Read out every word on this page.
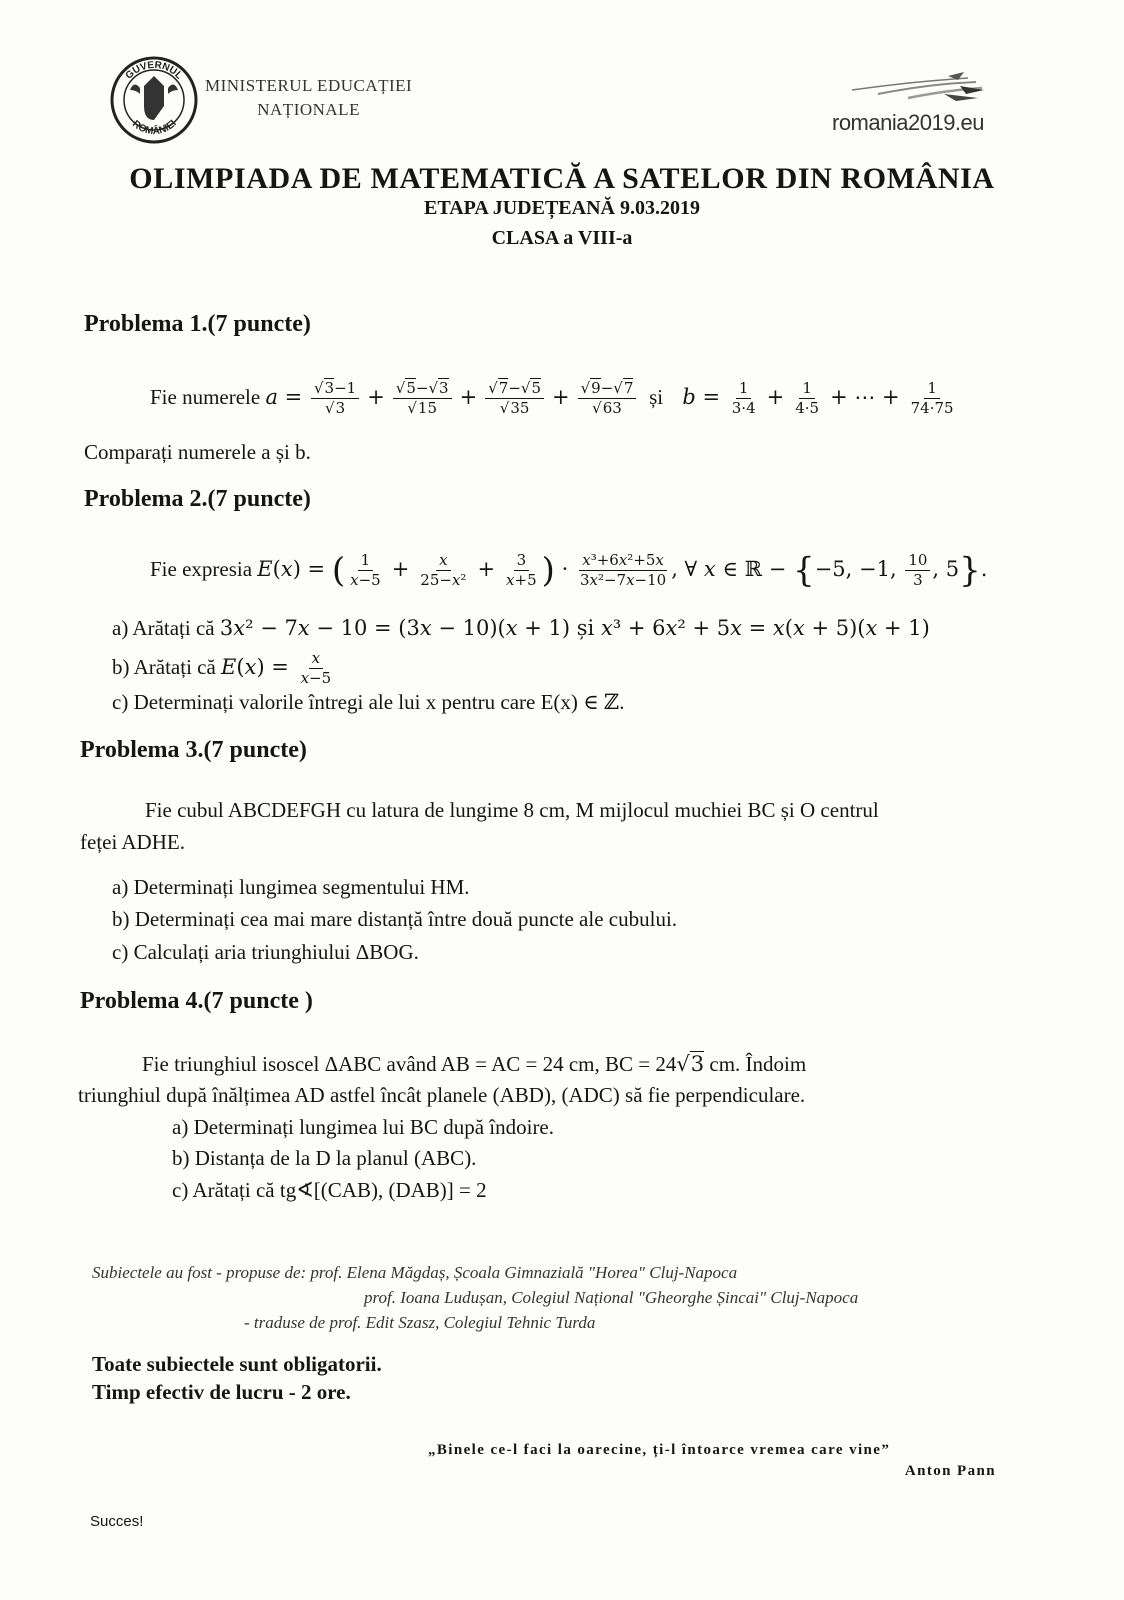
GUVERNUL
ROMÂNIEI
MINISTERUL EDUCAȚIEI
NAȚIONALE
romania2019.eu
OLIMPIADA DE MATEMATICĂ A SATELOR DIN ROMÂNIA
ETAPA JUDEȚEANĂ 9.03.2019
CLASA a VIII-a
Problema 1.(7 puncte)
Fie numerele $a = \frac{√3-1}{√3} + \frac{√5-√3}{√15} + \frac{√7-√5}{√35} + \frac{√9-√7}{√63}$ și $b = \frac{1}{3\cdot 4} + \frac{1}{4\cdot 5}$ + ⋯ + $\frac{1}{74\cdot 75}$
Comparați numerele a și b.
Problema 2.(7 puncte)
Fie expresia E(x) = ( $\frac{1}{x-5} + \frac{x}{\text{25−x²}} + \frac{3}{x+5}$ ) · $\frac{\text{x³+6x²+5x}}{\text{3x²−7x−10}}$ , ∀ x ∈ ℝ − {−5, −1, $\frac{10}{3}$ , 5}.
a) Arătați că 3x² − 7x − 10 = (3x − 10)(x + 1) și x³ + 6x² + 5x = x(x + 5)(x + 1)
b) Arătați că $E(x) = \frac{x}{x-5}$
c) Determinați valorile întregi ale lui x pentru care E(x) ∈ ℤ.
Problema 3.(7 puncte)
Fie cubul ABCDEFGH cu latura de lungime 8 cm, M mijlocul muchiei BC și O centrul
feței ADHE.
a) Determinați lungimea segmentului HM.
b) Determinați cea mai mare distanță între două puncte ale cubului.
c) Calculați aria triunghiului ΔBOG.
Problema 4.(7 puncte )
Fie triunghiul isoscel ΔABC având AB = AC = 24 cm, BC = 24√3 cm. Îndoim
triunghiul după înălțimea AD astfel încât planele (ABD), (ADC) să fie perpendiculare.
a) Determinați lungimea lui BC după îndoire.
b) Distanța de la D la planul (ABC).
c) Arătați că tg∢[(CAB), (DAB)] = 2
Subiectele au fost - propuse de: prof. Elena Măgdaș, Școala Gimnazială "Horea" Cluj-Napoca
prof. Ioana Ludușan, Colegiul Național "Gheorghe Șincai" Cluj-Napoca
- traduse de prof. Edit Szasz, Colegiul Tehnic Turda
Toate subiectele sunt obligatorii.
Timp efectiv de lucru - 2 ore.
„Binele ce-l faci la oarecine, ți-l întoarce vremea care vine”
Anton Pann
Succes!
